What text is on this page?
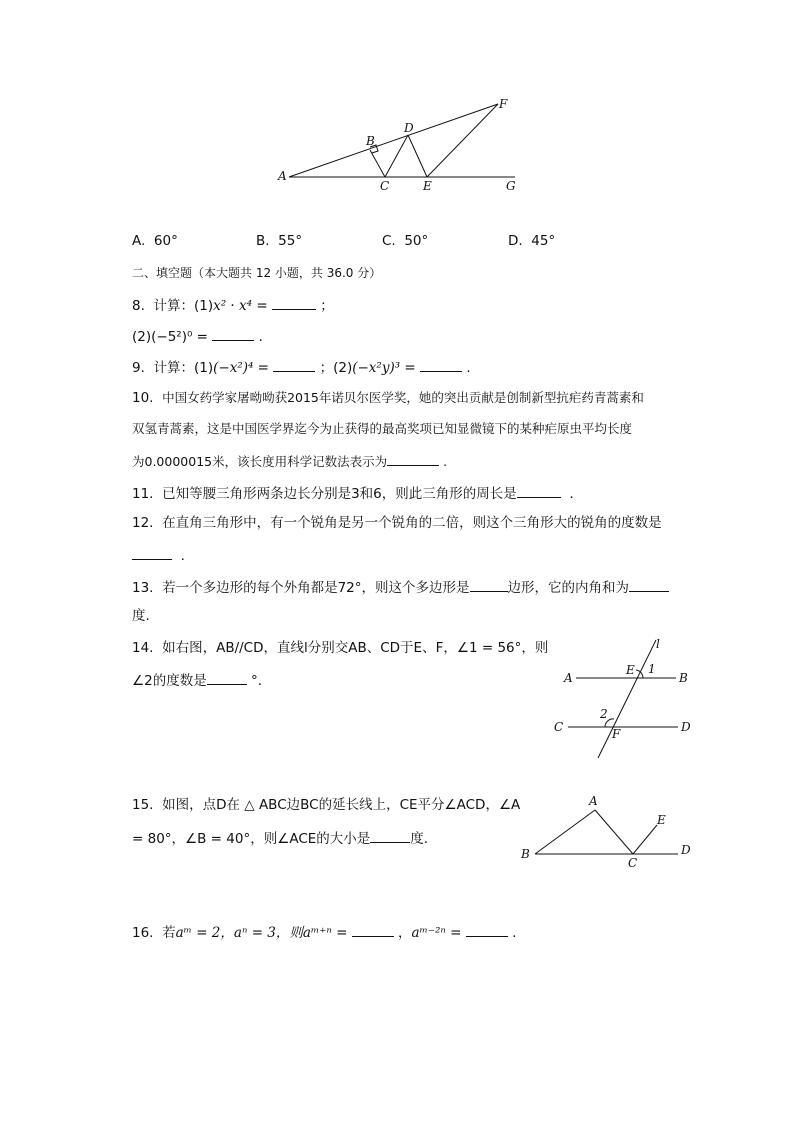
A
B
C
D
E
F
G
A. 60°	B. 55°	C. 50°	D. 45°
二、填空题（本大题共 12 小题，共 36.0 分）
8. 计算：(1)x² · x⁴ =	；
(2)(−5²)⁰ =	.
9. 计算：(1)(−x²)⁴ =	；(2)(−x²y)³ =	.
10. 中国女药学家屠呦呦获2015年诺贝尔医学奖，她的突出贡献是创制新型抗疟药青蒿素和
双氢青蒿素，这是中国医学界迄今为止获得的最高奖项已知显微镜下的某种疟原虫平均长度
为0.0000015米，该长度用科学记数法表示为	.
11. 已知等腰三角形两条边长分别是3和6，则此三角形的周长是	.
12. 在直角三角形中，有一个锐角是另一个锐角的二倍，则这个三角形大的锐角的度数是
.
13. 若一个多边形的每个外角都是72°，则这个多边形是	边形，它的内角和为
度.
14. 如右图，AB//CD，直线l分别交AB、CD于E、F，∠1 = 56°，则
∠2的度数是	°.
l
A	B
E 1
C	D
2
F
15. 如图，点D在 △ ABC边BC的延长线上，CE平分∠ACD，∠A
= 80°，∠B = 40°，则∠ACE的大小是	度.
A
B
C
D
E
16. 若aᵐ = 2，aⁿ = 3，则aᵐ⁺ⁿ =	，aᵐ⁻²ⁿ =	.
